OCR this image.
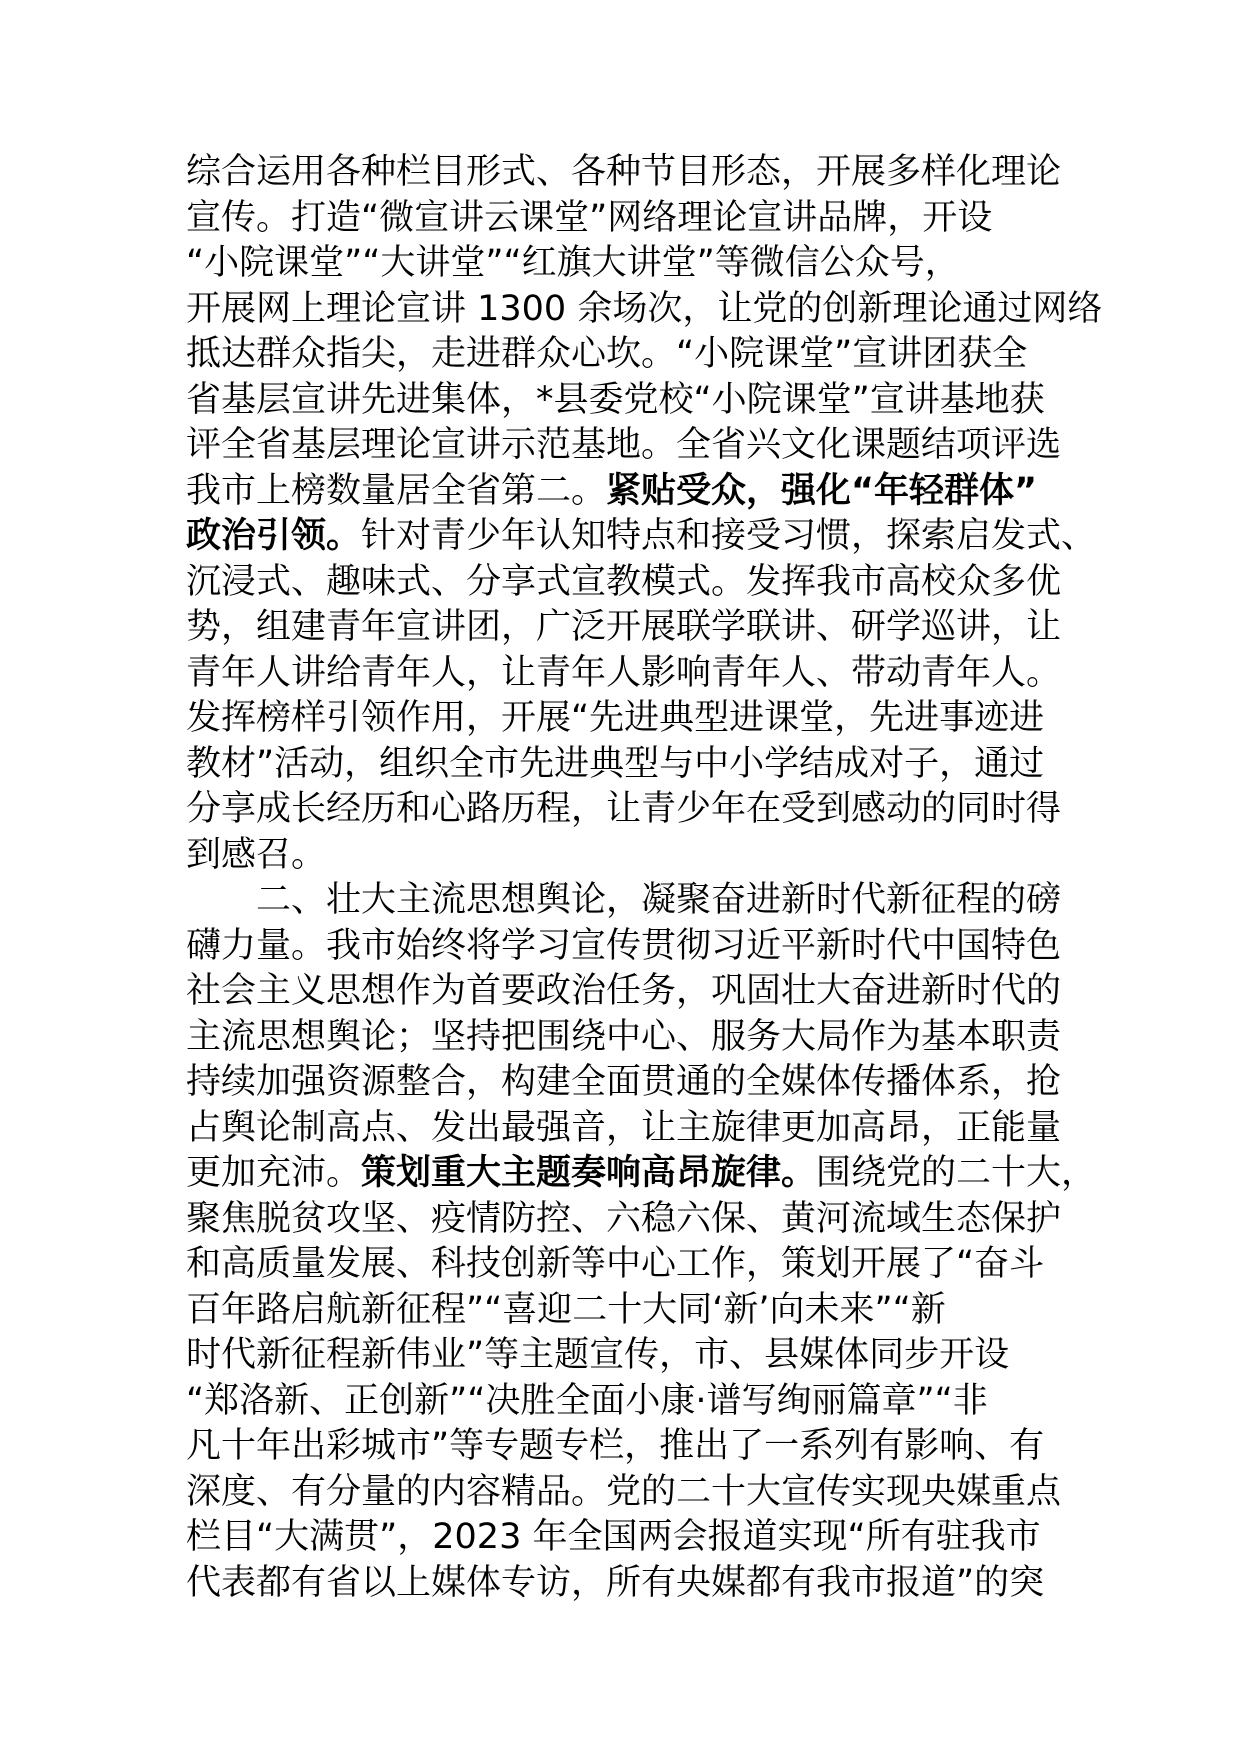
综合运用各种栏目形式、各种节目形态，开展多样化理论
宣传。打造“微宣讲云课堂”网络理论宣讲品牌，开设
“小院课堂”“大讲堂”“红旗大讲堂”等微信公众号，
开展网上理论宣讲 1300 余场次，让党的创新理论通过网络
抵达群众指尖，走进群众心坎。“小院课堂”宣讲团获全
省基层宣讲先进集体，*县委党校“小院课堂”宣讲基地获
评全省基层理论宣讲示范基地。全省兴文化课题结项评选
我市上榜数量居全省第二。紧贴受众，强化“年轻群体”
政治引领。针对青少年认知特点和接受习惯，探索启发式、
沉浸式、趣味式、分享式宣教模式。发挥我市高校众多优
势，组建青年宣讲团，广泛开展联学联讲、研学巡讲，让
青年人讲给青年人，让青年人影响青年人、带动青年人。
发挥榜样引领作用，开展“先进典型进课堂，先进事迹进
教材”活动，组织全市先进典型与中小学结成对子，通过
分享成长经历和心路历程，让青少年在受到感动的同时得
到感召。
二、壮大主流思想舆论，凝聚奋进新时代新征程的磅
礴力量。我市始终将学习宣传贯彻习近平新时代中国特色
社会主义思想作为首要政治任务，巩固壮大奋进新时代的
主流思想舆论；坚持把围绕中心、服务大局作为基本职责
持续加强资源整合，构建全面贯通的全媒体传播体系，抢
占舆论制高点、发出最强音，让主旋律更加高昂，正能量
更加充沛。策划重大主题奏响高昂旋律。围绕党的二十大，
聚焦脱贫攻坚、疫情防控、六稳六保、黄河流域生态保护
和高质量发展、科技创新等中心工作，策划开展了“奋斗
百年路启航新征程”“喜迎二十大同‘新’向未来”“新
时代新征程新伟业”等主题宣传，市、县媒体同步开设
“郑洛新、正创新”“决胜全面小康·谱写绚丽篇章”“非
凡十年出彩城市”等专题专栏，推出了一系列有影响、有
深度、有分量的内容精品。党的二十大宣传实现央媒重点
栏目“大满贯”，2023 年全国两会报道实现“所有驻我市
代表都有省以上媒体专访，所有央媒都有我市报道”的突
